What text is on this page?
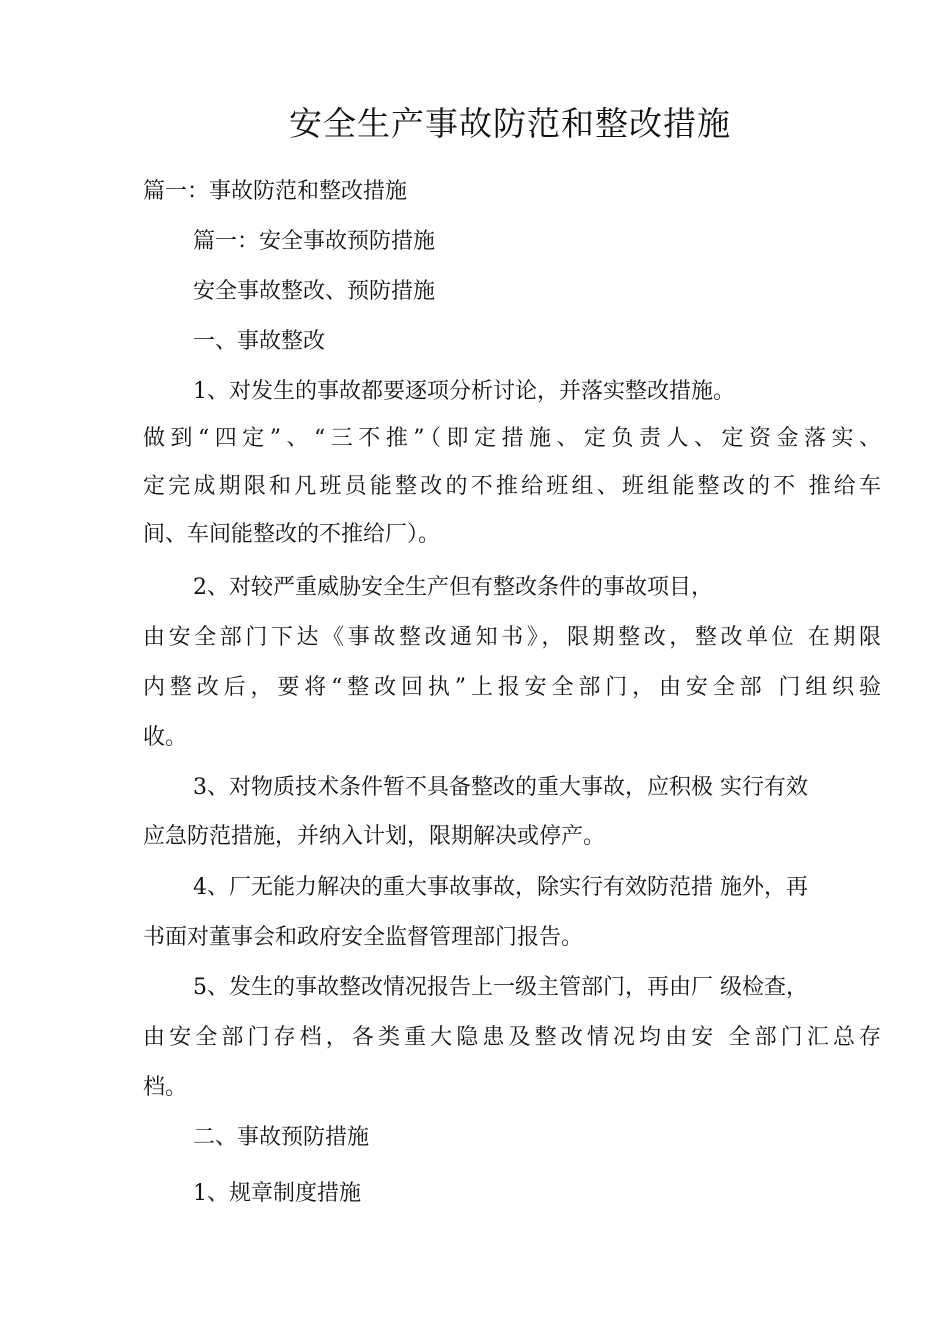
安全生产事故防范和整改措施

篇一：事故防范和整改措施

篇一：安全事故预防措施

安全事故整改、预防措施

一、事故整改

1、对发生的事故都要逐项分析讨论，并落实整改措施。

做到“四定”、“三不推”（即定措施、定负责人、定资金落实、

定完成期限和凡班员能整改的不推给班组、班组能整改的不 推给车

间、车间能整改的不推给厂）。

2、对较严重威胁安全生产但有整改条件的事故项目，

由安全部门下达《事故整改通知书》，限期整改，整改单位 在期限

内整改后，要将“整改回执”上报安全部门，由安全部 门组织验

收。

3、对物质技术条件暂不具备整改的重大事故，应积极 实行有效

应急防范措施，并纳入计划，限期解决或停产。

4、厂无能力解决的重大事故事故，除实行有效防范措 施外，再

书面对董事会和政府安全监督管理部门报告。

5、发生的事故整改情况报告上一级主管部门，再由厂 级检查，

由安全部门存档，各类重大隐患及整改情况均由安 全部门汇总存

档。

二、事故预防措施

1、规章制度措施
